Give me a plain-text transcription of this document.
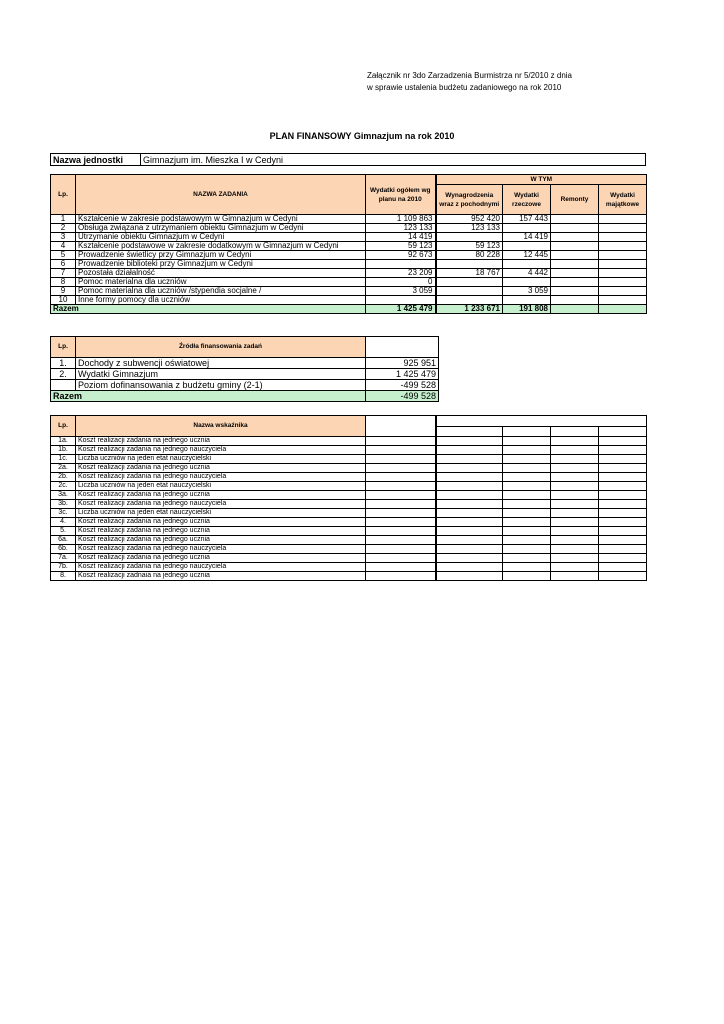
Załącznik nr 3do Zarzadzenia Burmistrza nr 5/2010 z dnia
w sprawie ustalenia budżetu zadaniowego na rok 2010
PLAN FINANSOWY Gimnazjum na rok 2010
Nazwa jednostki	Gimnazjum im. Mieszka I w Cedyni
Lp.	NAZWA ZADANIA	Wydatki ogółem wg planu na 2010	W TYM			
			Wynagrodzenia wraz z pochodnymi	Wydatki rzeczowe	Remonty	Wydatki majątkowe
1	Kształcenie w zakresie podstawowym w Gimnazjum w Cedyni	1 109 863	952 420	157 443		
2	Obsługa związana z utrzymaniem obiektu Gimnazjum w Cedyni	123 133	123 133			
3	Utrzymanie obiektu Gimnazjum w Cedyni	14 419		14 419		
4	Kształcenie podstawowe w zakresie dodatkowym w Gimnazjum w Cedyni	59 123	59 123			
5	Prowadzenie świetlicy przy Gimnazjum w Cedyni	92 673	80 228	12 445		
6	Prowadzenie biblioteki przy Gimnazjum w Cedyni					
7	Pozostała działalność	23 209	18 767	4 442		
8	Pomoc materialna dla uczniów	0				
9	Pomoc materialna dla uczniów /stypendia socjalne /	3 059		3 059		
10	Inne formy pomocy dla uczniów					
Razem		1 425 479	1 233 671	191 808		
Lp.	Źródła finansowania zadań	
1.	Dochody z subwencji oświatowej	925 951
2.	Wydatki Gimnazjum	1 425 479
	Poziom dofinansowania z budżetu gminy (2-1)	-499 528
Razem		-499 528
Lp.	Nazwa wskaźnika					

1a.	Koszt realizacji zadania na jednego ucznia					
1b.	Koszt realizacji zadania na jednego nauczyciela					
1c.	Liczba uczniów na jeden etat nauczycielski					
2a.	Koszt realizacji zadania na jednego ucznia					
2b.	Koszt realizacji zadania na jednego nauczyciela					
2c.	Liczba uczniów na jeden etat nauczycielski					
3a.	Koszt realizacji zadania na jednego ucznia					
3b.	Koszt realizacji zadania na jednego nauczyciela					
3c.	Liczba uczniów na jeden etat nauczycielski					
4.	Koszt realizacji zadania na jednego ucznia					
5.	Koszt realizacji zadania na jednego ucznia					
6a.	Koszt realizacji zadania na jednego ucznia					
6b.	Koszt realizacji zadania na jednego nauczyciela					
7a.	Koszt realizacji zadania na jednego ucznia					
7b.	Koszt realizacji zadania na jednego nauczyciela					
8.	Koszt realizacji zadnaia na jednego ucznia					
